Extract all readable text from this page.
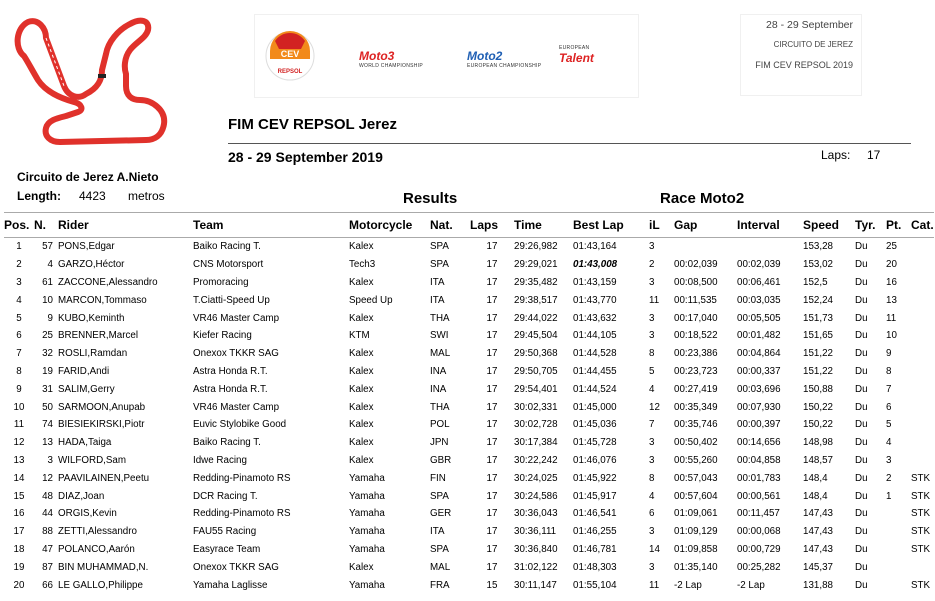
CEV
REPSOL
Moto3
WORLD CHAMPIONSHIP
Moto2
EUROPEAN CHAMPIONSHIP
EUROPEAN
Talent
28 - 29 September
CIRCUITO DE JEREZ
FIM CEV REPSOL 2019
FIM CEV REPSOL Jerez
28 - 29 September 2019	Laps: 17
Circuito de Jerez A.Nieto
Length: 4423 metros	Results	Race Moto2
Pos.	N.	Rider	Team	Motorcycle	Nat.	Laps	Time	Best Lap	iL	Gap	Interval	Speed	Tyr.	Pt.	Cat.
1	57	PONS,Edgar	Baiko Racing T.	Kalex	SPA	17	29:26,982	01:43,164	3			153,28	Du	25	
2	4	GARZO,Héctor	CNS Motorsport	Tech3	SPA	17	29:29,021	01:43,008	2	00:02,039	00:02,039	153,02	Du	20	
3	61	ZACCONE,Alessandro	Promoracing	Kalex	ITA	17	29:35,482	01:43,159	3	00:08,500	00:06,461	152,5	Du	16	
4	10	MARCON,Tommaso	T.Ciatti-Speed Up	Speed Up	ITA	17	29:38,517	01:43,770	11	00:11,535	00:03,035	152,24	Du	13	
5	9	KUBO,Keminth	VR46 Master Camp	Kalex	THA	17	29:44,022	01:43,632	3	00:17,040	00:05,505	151,73	Du	11	
6	25	BRENNER,Marcel	Kiefer Racing	KTM	SWI	17	29:45,504	01:44,105	3	00:18,522	00:01,482	151,65	Du	10	
7	32	ROSLI,Ramdan	Onexox TKKR SAG	Kalex	MAL	17	29:50,368	01:44,528	8	00:23,386	00:04,864	151,22	Du	9	
8	19	FARID,Andi	Astra Honda R.T.	Kalex	INA	17	29:50,705	01:44,455	5	00:23,723	00:00,337	151,22	Du	8	
9	31	SALIM,Gerry	Astra Honda R.T.	Kalex	INA	17	29:54,401	01:44,524	4	00:27,419	00:03,696	150,88	Du	7	
10	50	SARMOON,Anupab	VR46 Master Camp	Kalex	THA	17	30:02,331	01:45,000	12	00:35,349	00:07,930	150,22	Du	6	
11	74	BIESIEKIRSKI,Piotr	Euvic Stylobike Good	Kalex	POL	17	30:02,728	01:45,036	7	00:35,746	00:00,397	150,22	Du	5	
12	13	HADA,Taiga	Baiko Racing T.	Kalex	JPN	17	30:17,384	01:45,728	3	00:50,402	00:14,656	148,98	Du	4	
13	3	WILFORD,Sam	Idwe Racing	Kalex	GBR	17	30:22,242	01:46,076	3	00:55,260	00:04,858	148,57	Du	3	
14	12	PAAVILAINEN,Peetu	Redding-Pinamoto RS	Yamaha	FIN	17	30:24,025	01:45,922	8	00:57,043	00:01,783	148,4	Du	2	STK
15	48	DIAZ,Joan	DCR Racing T.	Yamaha	SPA	17	30:24,586	01:45,917	4	00:57,604	00:00,561	148,4	Du	1	STK
16	44	ORGIS,Kevin	Redding-Pinamoto RS	Yamaha	GER	17	30:36,043	01:46,541	6	01:09,061	00:11,457	147,43	Du		STK
17	88	ZETTI,Alessandro	FAU55 Racing	Yamaha	ITA	17	30:36,111	01:46,255	3	01:09,129	00:00,068	147,43	Du		STK
18	47	POLANCO,Aarón	Easyrace Team	Yamaha	SPA	17	30:36,840	01:46,781	14	01:09,858	00:00,729	147,43	Du		STK
19	87	BIN MUHAMMAD,N.	Onexox TKKR SAG	Kalex	MAL	17	31:02,122	01:48,303	3	01:35,140	00:25,282	145,37	Du		
20	66	LE GALLO,Philippe	Yamaha Laglisse	Yamaha	FRA	15	30:11,147	01:55,104	11	-2 Lap	-2 Lap	131,88	Du		STK
